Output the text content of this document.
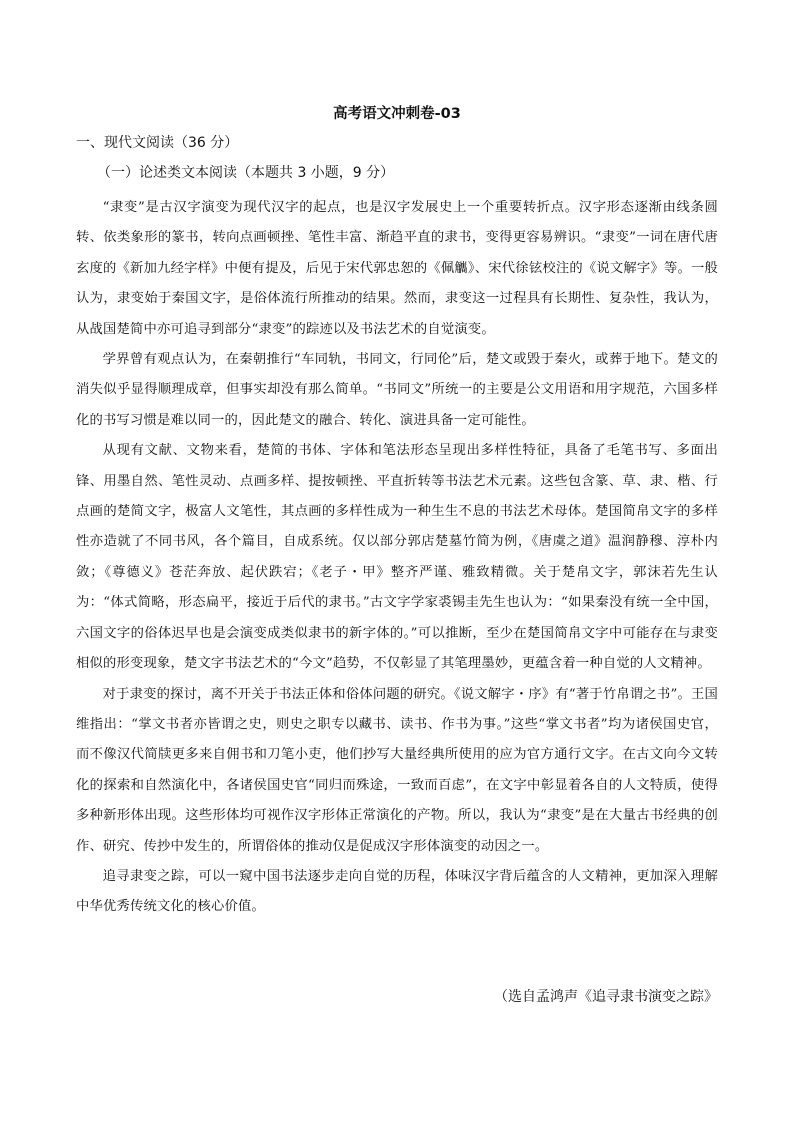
高考语文冲刺卷-03
一、现代文阅读（36 分）
（一）论述类文本阅读（本题共 3 小题，9 分）

“隶变”是古汉字演变为现代汉字的起点，也是汉字发展史上一个重要转折点。汉字形态逐渐由线条圆转、依类象形的篆书，转向点画顿挫、笔性丰富、渐趋平直的隶书，变得更容易辨识。“隶变”一词在唐代唐玄度的《新加九经字样》中便有提及，后见于宋代郭忠恕的《佩觿》、宋代徐铉校注的《说文解字》等。一般认为，隶变始于秦国文字，是俗体流行所推动的结果。然而，隶变这一过程具有长期性、复杂性，我认为，从战国楚简中亦可追寻到部分“隶变”的踪迹以及书法艺术的自觉演变。

学界曾有观点认为，在秦朝推行“车同轨，书同文，行同伦”后，楚文或毁于秦火，或葬于地下。楚文的消失似乎显得顺理成章，但事实却没有那么简单。“书同文”所统一的主要是公文用语和用字规范，六国多样化的书写习惯是难以同一的，因此楚文的融合、转化、演进具备一定可能性。

从现有文献、文物来看，楚简的书体、字体和笔法形态呈现出多样性特征，具备了毛笔书写、多面出锋、用墨自然、笔性灵动、点画多样、提按顿挫、平直折转等书法艺术元素。这些包含篆、草、隶、楷、行点画的楚简文字，极富人文笔性，其点画的多样性成为一种生生不息的书法艺术母体。楚国简帛文字的多样性亦造就了不同书风，各个篇目，自成系统。仅以部分郭店楚墓竹简为例，《唐虞之道》温润静穆、淳朴内敛；《尊德义》苍茫奔放、起伏跌宕；《老子・甲》整齐严谨、雅致精微。关于楚帛文字，郭沫若先生认为：“体式简略，形态扁平，接近于后代的隶书。”古文字学家裘锡圭先生也认为：“如果秦没有统一全中国，六国文字的俗体迟早也是会演变成类似隶书的新字体的。”可以推断，至少在楚国简帛文字中可能存在与隶变相似的形变现象，楚文字书法艺术的“今文”趋势，不仅彰显了其笔理墨妙，更蕴含着一种自觉的人文精神。

对于隶变的探讨，离不开关于书法正体和俗体问题的研究。《说文解字・序》有“著于竹帛谓之书”。王国维指出：“掌文书者亦皆谓之史，则史之职专以藏书、读书、作书为事。”这些“掌文书者”均为诸侯国史官，而不像汉代简牍更多来自佣书和刀笔小吏，他们抄写大量经典所使用的应为官方通行文字。在古文向今文转化的探索和自然演化中，各诸侯国史官“同归而殊途，一致而百虑”，在文字中彰显着各自的人文特质，使得多种新形体出现。这些形体均可视作汉字形体正常演化的产物。所以，我认为“隶变”是在大量古书经典的创作、研究、传抄中发生的，所谓俗体的推动仅是促成汉字形体演变的动因之一。

追寻隶变之踪，可以一窥中国书法逐步走向自觉的历程，体味汉字背后蕴含的人文精神，更加深入理解中华优秀传统文化的核心价值。

（选自孟鸿声《追寻隶书演变之踪》
